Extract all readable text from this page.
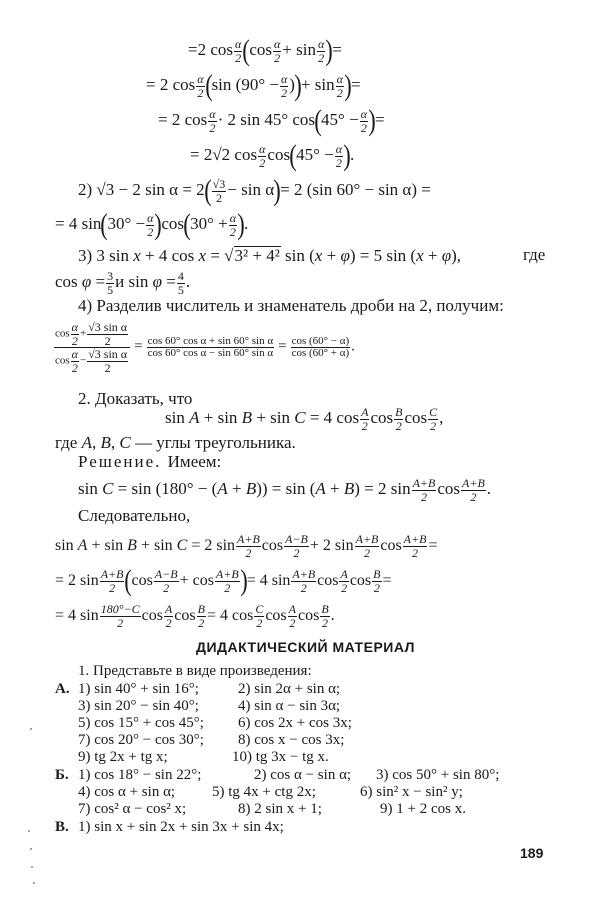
=2 $\cos \frac{\alpha}{2} (\cos \frac{\alpha}{2} + \sin \frac{\alpha}{2}$ )=
= 2 $\cos \frac{\alpha}{2} (\sin$ ($90^\circ - \frac{\alpha}{2}$ ))+ $\sin \frac{\alpha}{2}$ )=
= 2 $\cos \frac{\alpha}{2} \cdot 2$ sin 45° $\cos(45^\circ - \frac{\alpha}{2}$ )=
= 2√2 $\cos \frac{\alpha}{2} \cos(45^\circ - \frac{\alpha}{2}$ ).
2) √3 − 2 $\sin \alpha = 2( \frac{√3}{2} - \sin \alpha)= 2$ (sin 60° − sin α) =
= 4 $\sin(30^\circ - \frac{\alpha}{2} )\cos(30^\circ + \frac{\alpha}{2}$ ).
3) 3 sin x + 4 cos x = √3² + 4² sin (x + φ) = 5 sin (x + φ),	где
$\cos \varphi = \frac{3}{5}$ и $\sin \varphi = \frac{4}{5}$ .
4) Разделив числитель и знаменатель дроби на 2, получим:
$\frac{\cos \frac{\alpha}{2} + \frac{\text{√3 sin α}}{2}}{\cos \frac{\alpha}{2} - \frac{\text{√3 sin α}}{2}} = \frac{\text{cos 60° cos α + sin 60° sin α}}{\text{cos 60° cos α − sin 60° sin α}} = \frac{\cos (60^\circ - \alpha)}{\cos (60^\circ + \alpha)}$ .
2. Доказать, что
sin A + sin B + sin C = 4 $\cos \frac{A}{2}$ $\cos \frac{B}{2}$ $\cos \frac{C}{2}$ ,
где A, B, C — углы треугольника.
Решение. Имеем:
sin C = sin (180° − (A + B)) = sin (A + B) = 2 $\sin \frac{A+B}{2}$ $\cos \frac{A+B}{2}$ .
Следовательно,
sin A + sin B + sin C = 2 $\sin \frac{A+B}{2}$ $\cos \frac{A-B}{2} + 2$ $\sin \frac{A+B}{2}$ $\cos \frac{A+B}{2}$ =
= 2 $\sin \frac{A+B}{2} (\cos \frac{A-B}{2} + \cos \frac{A+B}{2}$ )= 4 $\sin \frac{A+B}{2}$ $\cos \frac{A}{2}$ $\cos \frac{B}{2}$ =
= 4 $\sin \frac{180^\circ-C}{2}$ $\cos \frac{A}{2}$ $\cos \frac{B}{2} = 4$ $\cos \frac{C}{2}$ $\cos \frac{A}{2}$ $\cos \frac{B}{2}$ .
ДИДАКТИЧЕСКИЙ МАТЕРИАЛ
1. Представьте в виде произведения:
А. 1) sin 40° + sin 16°;	2) sin 2α + sin α;
3) sin 20° − sin 40°;	4) sin α − sin 3α;
5) cos 15° + cos 45°; 6) cos 2x + cos 3x;
7) cos 20° − cos 30°; 8) cos x − cos 3x;
9) tg 2x + tg x;	10) tg 3x − tg x.
Б. 1) cos 18° − sin 22°;	2) cos α − sin α; 3) cos 50° + sin 80°;
4) cos α + sin α; 5) tg 4x + ctg 2x;	6) sin² x − sin² y;
7) cos² α − cos² x;	8) 2 sin x + 1;	9) 1 + 2 cos x.
В. 1) sin x + sin 2x + sin 3x + sin 4x;
189
